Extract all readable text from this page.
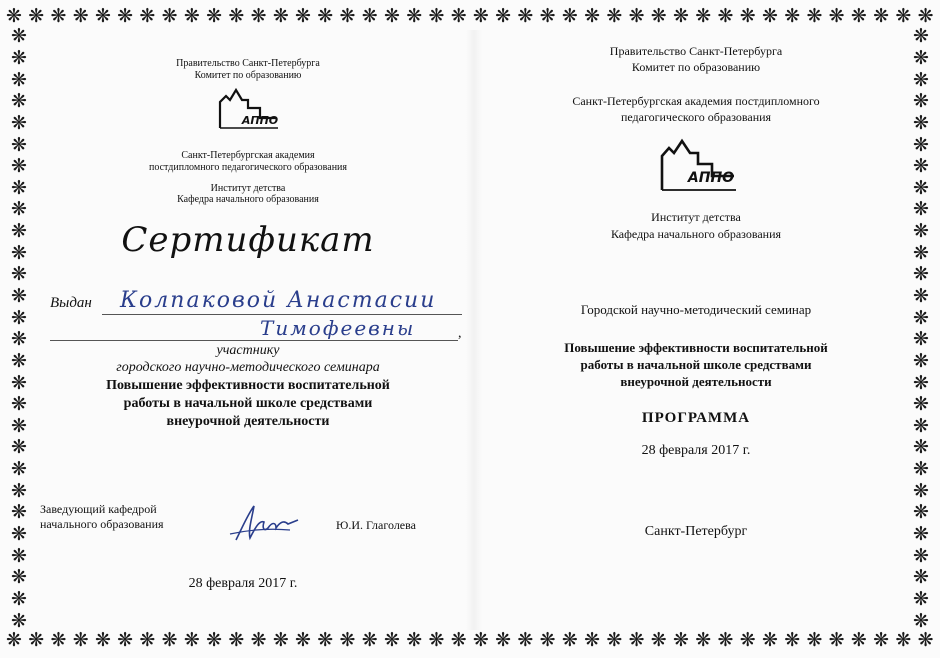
❋ ❋ ❋ ❋ ❋ ❋ ❋ ❋ ❋ ❋ ❋ ❋ ❋ ❋ ❋ ❋ ❋ ❋ ❋ ❋ ❋ ❋ ❋ ❋ ❋ ❋ ❋ ❋ ❋ ❋ ❋ ❋ ❋ ❋ ❋ ❋ ❋ ❋ ❋ ❋ ❋ ❋
❋ ❋ ❋ ❋ ❋ ❋ ❋ ❋ ❋ ❋ ❋ ❋ ❋ ❋ ❋ ❋ ❋ ❋ ❋ ❋ ❋ ❋ ❋ ❋ ❋ ❋ ❋ ❋ ❋ ❋ ❋ ❋ ❋ ❋ ❋ ❋ ❋ ❋ ❋ ❋ ❋ ❋
❋
❋
❋
❋
❋
❋
❋
❋
❋
❋
❋
❋
❋
❋
❋
❋
❋
❋
❋
❋
❋
❋
❋
❋
❋
❋
❋
❋
❋
❋
❋
❋
❋
❋
❋
❋
❋
❋
❋
❋
❋
❋
❋
❋
❋
❋
❋
❋
❋
❋
❋
❋
❋
❋
❋
❋
Правительство Санкт-Петербурга
Комитет по образованию
АППО
Санкт-Петербургская академия
постдипломного педагогического образования
Институт детства
Кафедра начального образования
Сертификат
Выдан Колпаковой Анастасии
Тимофеевны	,
участнику
городского научно-методического семинара
Повышение эффективности воспитательной
работы в начальной школе средствами
внеурочной деятельности
Заведующий кафедрой
начального образования	Ю.И. Глаголева
28 февраля 2017 г.
Правительство Санкт-Петербурга
Комитет по образованию
Санкт-Петербургская академия постдипломного
педагогического образования
АППО
Институт детства
Кафедра начального образования
Городской научно-методический семинар
Повышение эффективности воспитательной
работы в начальной школе средствами
внеурочной деятельности
ПРОГРАММА
28 февраля 2017 г.
Санкт-Петербург
